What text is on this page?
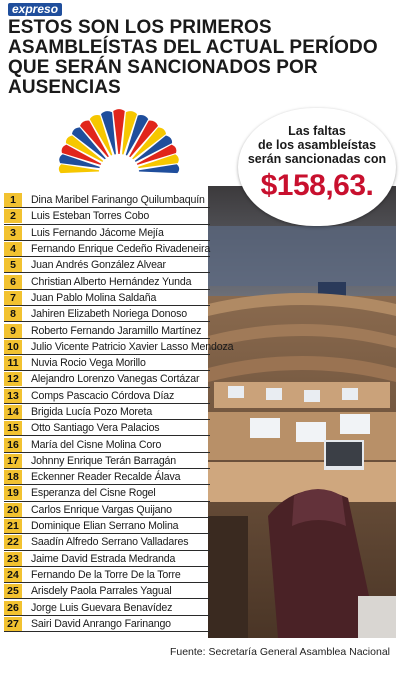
expreso
ESTOS SON LOS PRIMEROS ASAMBLEÍSTAS DEL ACTUAL PERÍODO QUE SERÁN SANCIONADOS POR AUSENCIAS
Las faltas
de los asambleístas
serán sancionadas con
$158,63.
1	Dina Maribel Farinango Quilumbaquín
2	Luis Esteban Torres Cobo
3	Luis Fernando Jácome Mejía
4	Fernando Enrique Cedeño Rivadeneira
5	Juan Andrés González Alvear
6	Christian Alberto Hernández Yunda
7	Juan Pablo Molina Saldaña
8	Jahiren Elizabeth Noriega Donoso
9	Roberto Fernando Jaramillo Martínez
10	Julio Vicente Patricio Xavier Lasso Mendoza
11	Nuvia Rocio Vega Morillo
12	Alejandro Lorenzo Vanegas Cortázar
13	Comps Pascacio Córdova Díaz
14	Brigida Lucía Pozo Moreta
15	Otto Santiago Vera Palacios
16	María del Cisne Molina Coro
17	Johnny Enrique Terán Barragán
18	Eckenner Reader Recalde Álava
19	Esperanza del Cisne Rogel
20	Carlos Enrique Vargas Quijano
21	Dominique Elian Serrano Molina
22	Saadín Alfredo Serrano Valladares
23	Jaime David Estrada Medranda
24	Fernando De la Torre De la Torre
25	Arisdely Paola Parrales Yagual
26	Jorge Luis Guevara Benavídez
27	Sairi David Anrango Farinango
Fuente: Secretaría General Asamblea Nacional
